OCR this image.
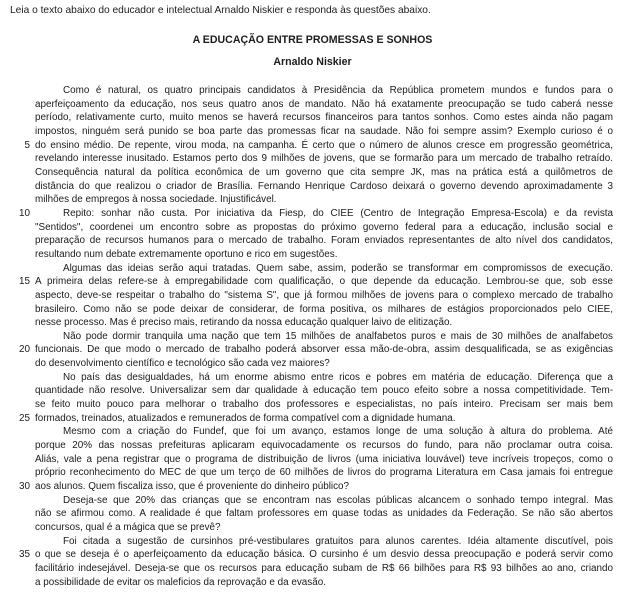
Leia o texto abaixo do educador e intelectual Arnaldo Niskier e responda às questões abaixo.
A EDUCAÇÃO ENTRE PROMESSAS E SONHOS
Arnaldo Niskier
Como é natural, os quatro principais candidatos à Presidência da República prometem mundos e fundos para o
aperfeiçoamento da educação, nos seus quatro anos de mandato. Não há exatamente preocupação se tudo caberá nesse
período, relativamente curto, muito menos se haverá recursos financeiros para tantos sonhos. Como estes ainda não pagam
impostos, ninguém será punido se boa parte das promessas ficar na saudade. Não foi sempre assim? Exemplo curioso é o
5 do ensino médio. De repente, virou moda, na campanha. É certo que o número de alunos cresce em progressão geométrica,
revelando interesse inusitado. Estamos perto dos 9 milhões de jovens, que se formarão para um mercado de trabalho retraído.
Consequência natural da política econômica de um governo que cita sempre JK, mas na prática está a quilômetros de
distância do que realizou o criador de Brasília. Fernando Henrique Cardoso deixará o governo devendo aproximadamente 3
milhões de empregos à nossa sociedade. Injustificável.
10	Repito: sonhar não custa. Por iniciativa da Fiesp, do CIEE (Centro de Integração Empresa-Escola) e da revista
"Sentidos", coordenei um encontro sobre as propostas do próximo governo federal para a educação, inclusão social e
preparação de recursos humanos para o mercado de trabalho. Foram enviados representantes de alto nível dos candidatos,
resultando num debate extremamente oportuno e rico em sugestões.
Algumas das ideias serão aqui tratadas. Quem sabe, assim, poderão se transformar em compromissos de execução.
15 A primeira delas refere-se à empregabilidade com qualificação, o que depende da educação. Lembrou-se que, sob esse
aspecto, deve-se respeitar o trabalho do "sistema S", que já formou milhões de jovens para o complexo mercado de trabalho
brasileiro. Como não se pode deixar de considerar, de forma positiva, os milhares de estágios proporcionados pelo CIEE,
nesse processo. Mas é preciso mais, retirando da nossa educação qualquer laivo de elitização.
Não pode dormir tranquila uma nação que tem 15 milhões de analfabetos puros e mais de 30 milhões de analfabetos
20 funcionais. De que modo o mercado de trabalho poderá absorver essa mão-de-obra, assim desqualificada, se as exigências
do desenvolvimento científico e tecnológico são cada vez maiores?
No país das desigualdades, há um enorme abismo entre ricos e pobres em matéria de educação. Diferença que a
quantidade não resolve. Universalizar sem dar qualidade à educação tem pouco efeito sobre a nossa competitividade. Tem-
se feito muito pouco para melhorar o trabalho dos professores e especialistas, no país inteiro. Precisam ser mais bem
25 formados, treinados, atualizados e remunerados de forma compatível com a dignidade humana.
Mesmo com a criação do Fundef, que foi um avanço, estamos longe de uma solução à altura do problema. Até
porque 20% das nossas prefeituras aplicaram equivocadamente os recursos do fundo, para não proclamar outra coisa.
Aliás, vale a pena registrar que o programa de distribuição de livros (uma iniciativa louvável) teve incríveis tropeços, como o
próprio reconhecimento do MEC de que um terço de 60 milhões de livros do programa Literatura em Casa jamais foi entregue
30 aos alunos. Quem fiscaliza isso, que é proveniente do dinheiro público?
Deseja-se que 20% das crianças que se encontram nas escolas públicas alcancem o sonhado tempo integral. Mas
não se afirmou como. A realidade é que faltam professores em quase todas as unidades da Federação. Se não são abertos
concursos, qual é a mágica que se prevê?
Foi citada a sugestão de cursinhos pré-vestibulares gratuitos para alunos carentes. Idéia altamente discutível, pois
35 o que se deseja é o aperfeiçoamento da educação básica. O cursinho é um desvio dessa preocupação e poderá servir como
facilitário indesejável. Deseja-se que os recursos para educação subam de R$ 66 bilhões para R$ 93 bilhões ao ano, criando
a possibilidade de evitar os maleficios da reprovação e da evasão.
